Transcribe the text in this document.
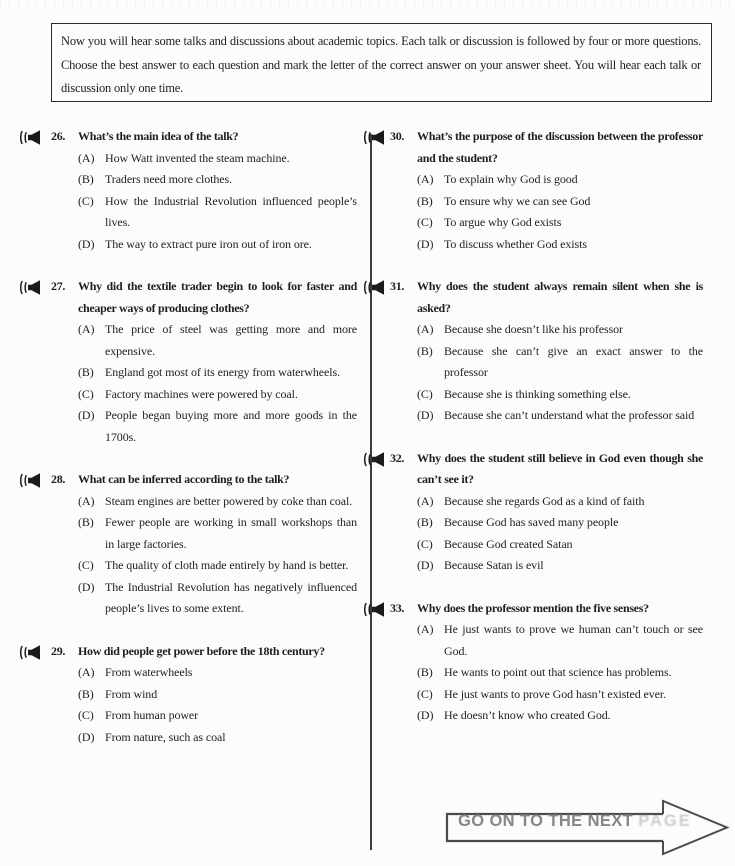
Now you will hear some talks and discussions about academic topics. Each talk or discussion is followed by four or more questions. Choose the best answer to each question and mark the letter of the correct answer on your answer sheet. You will hear each talk or discussion only one time.
26.	What’s the main idea of the talk?
(A) How Watt invented the steam machine.
(B) Traders need more clothes.
(C) How the Industrial Revolution influenced people’s lives.
(D) The way to extract pure iron out of iron ore.
27.	Why did the textile trader begin to look for faster and cheaper ways of producing clothes?
(A) The price of steel was getting more and more expensive.
(B) England got most of its energy from waterwheels.
(C) Factory machines were powered by coal.
(D) People began buying more and more goods in the 1700s.
28.	What can be inferred according to the talk?
(A) Steam engines are better powered by coke than coal.
(B) Fewer people are working in small workshops than in large factories.
(C) The quality of cloth made entirely by hand is better.
(D) The Industrial Revolution has negatively influenced people’s lives to some extent.
29.	How did people get power before the 18th century?
(A) From waterwheels
(B) From wind
(C) From human power
(D) From nature, such as coal
30.	What’s the purpose of the discussion between the professor and the student?
(A) To explain why God is good
(B) To ensure why we can see God
(C) To argue why God exists
(D) To discuss whether God exists
31.	Why does the student always remain silent when she is asked?
(A) Because she doesn’t like his professor
(B) Because she can’t give an exact answer to the professor
(C) Because she is thinking something else.
(D) Because she can’t understand what the professor said
32.	Why does the student still believe in God even though she can’t see it?
(A) Because she regards God as a kind of faith
(B) Because God has saved many people
(C) Because God created Satan
(D) Because Satan is evil
33.	Why does the professor mention the five senses?
(A) He just wants to prove we human can’t touch or see God.
(B) He wants to point out that science has problems.
(C) He just wants to prove God hasn’t existed ever.
(D) He doesn’t know who created God.
GO ON TO THE NEXT PAGE
